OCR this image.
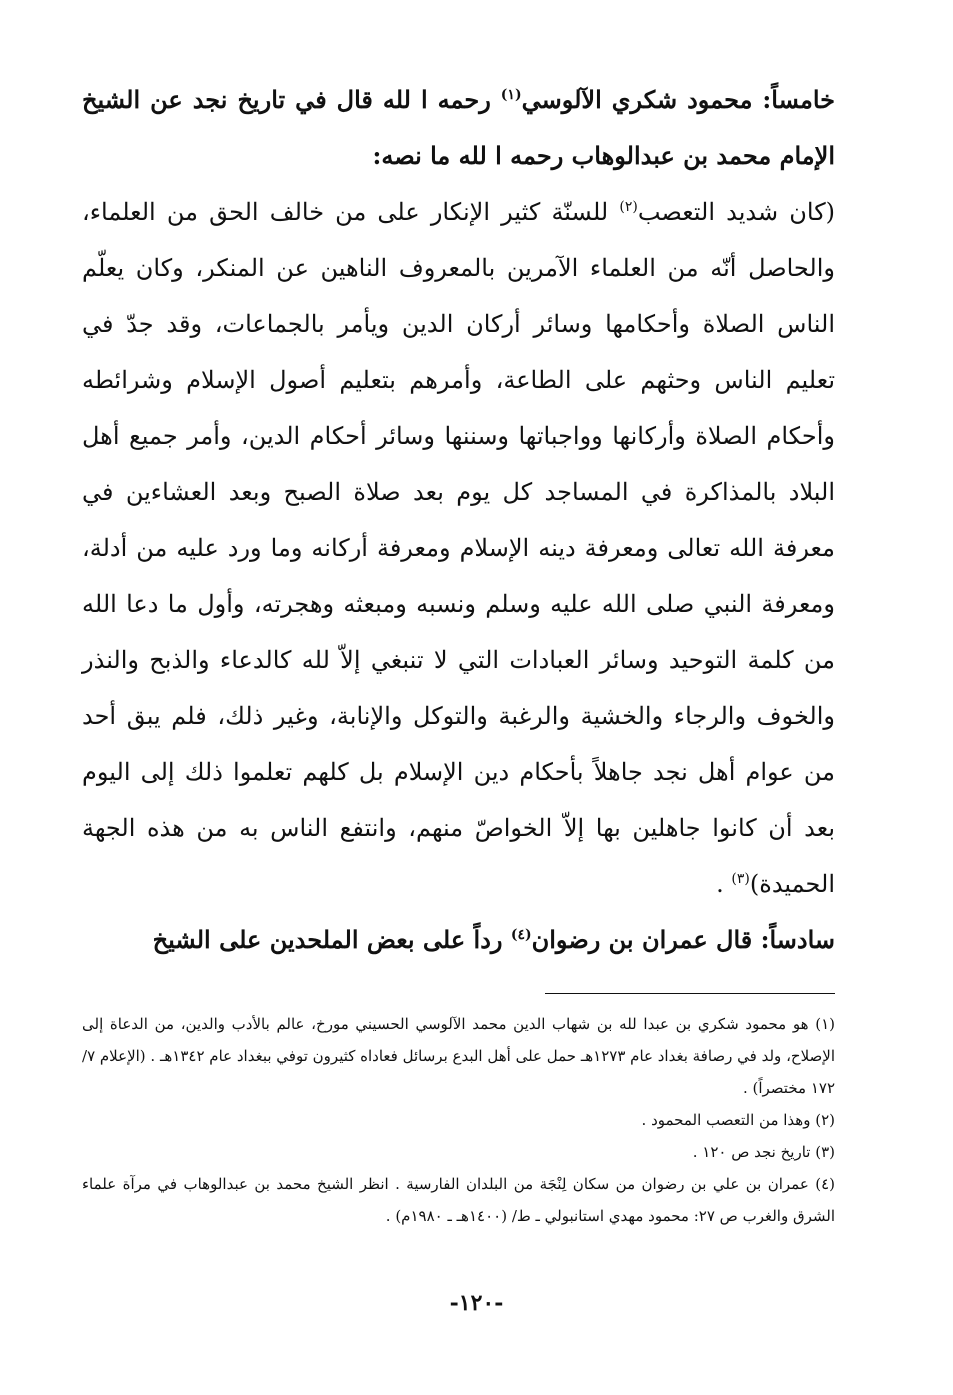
خامساً: محمود شكري الآلوسي$^{(١)}$ رحمه ا لله قال في تاريخ نجد عن الشيخ الإمام محمد بن عبدالوهاب رحمه ا لله ما نصه:

(كان شديد التعصب$^{(٢)}$ للسنّة كثير الإنكار على من خالف الحق من العلماء، والحاصل أنّه من العلماء الآمرين بالمعروف الناهين عن المنكر، وكان يعلّم الناس الصلاة وأحكامها وسائر أركان الدين ويأمر بالجماعات، وقد جدّ في تعليم الناس وحثهم على الطاعة، وأمرهم بتعليم أصول الإسلام وشرائطه وأحكام الصلاة وأركانها وواجباتها وسننها وسائر أحكام الدين، وأمر جميع أهل البلاد بالمذاكرة في المساجد كل يوم بعد صلاة الصبح وبعد العشاءين في معرفة الله تعالى ومعرفة دينه الإسلام ومعرفة أركانه وما ورد عليه من أدلة، ومعرفة النبي صلى الله عليه وسلم ونسبه ومبعثه وهجرته، وأول ما دعا الله من كلمة التوحيد وسائر العبادات التي لا تنبغي إلاّ لله كالدعاء والذبح والنذر والخوف والرجاء والخشية والرغبة والتوكل والإنابة، وغير ذلك، فلم يبق أحد من عوام أهل نجد جاهلاً بأحكام دين الإسلام بل كلهم تعلموا ذلك إلى اليوم بعد أن كانوا جاهلين بها إلاّ الخواصّ منهم، وانتفع الناس به من هذه الجهة الحميدة)$^{(٣)}$ .

سادساً: قال عمران بن رضوان$^{(٤)}$ رداً على بعض الملحدين على الشيخ

(١) هو محمود شكري بن عبدا لله بن شهاب الدين محمد الآلوسي الحسيني مورخ، عالم بالأدب والدين، من الدعاة إلى الإصلاح، ولد في رصافة بغداد عام ١٢٧٣هـ حمل على أهل البدع برسائل فعاداه كثيرون توفي ببغداد عام ١٣٤٢هـ . (الإعلام ٧/ ١٧٢ مختصراً) .

(٢) وهذا من التعصب المحمود .

(٣) تاريخ نجد ص ١٢٠ .

(٤) عمران بن علي بن رضوان من سكان لِنْجَة من البلدان الفارسية . انظر الشيخ محمد بن عبدالوهاب في مرآة علماء الشرق والغرب ص ٢٧: محمود مهدي استانبولي ـ ط/ (١٤٠٠هـ ـ ١٩٨٠م) .

-١٢٠-
